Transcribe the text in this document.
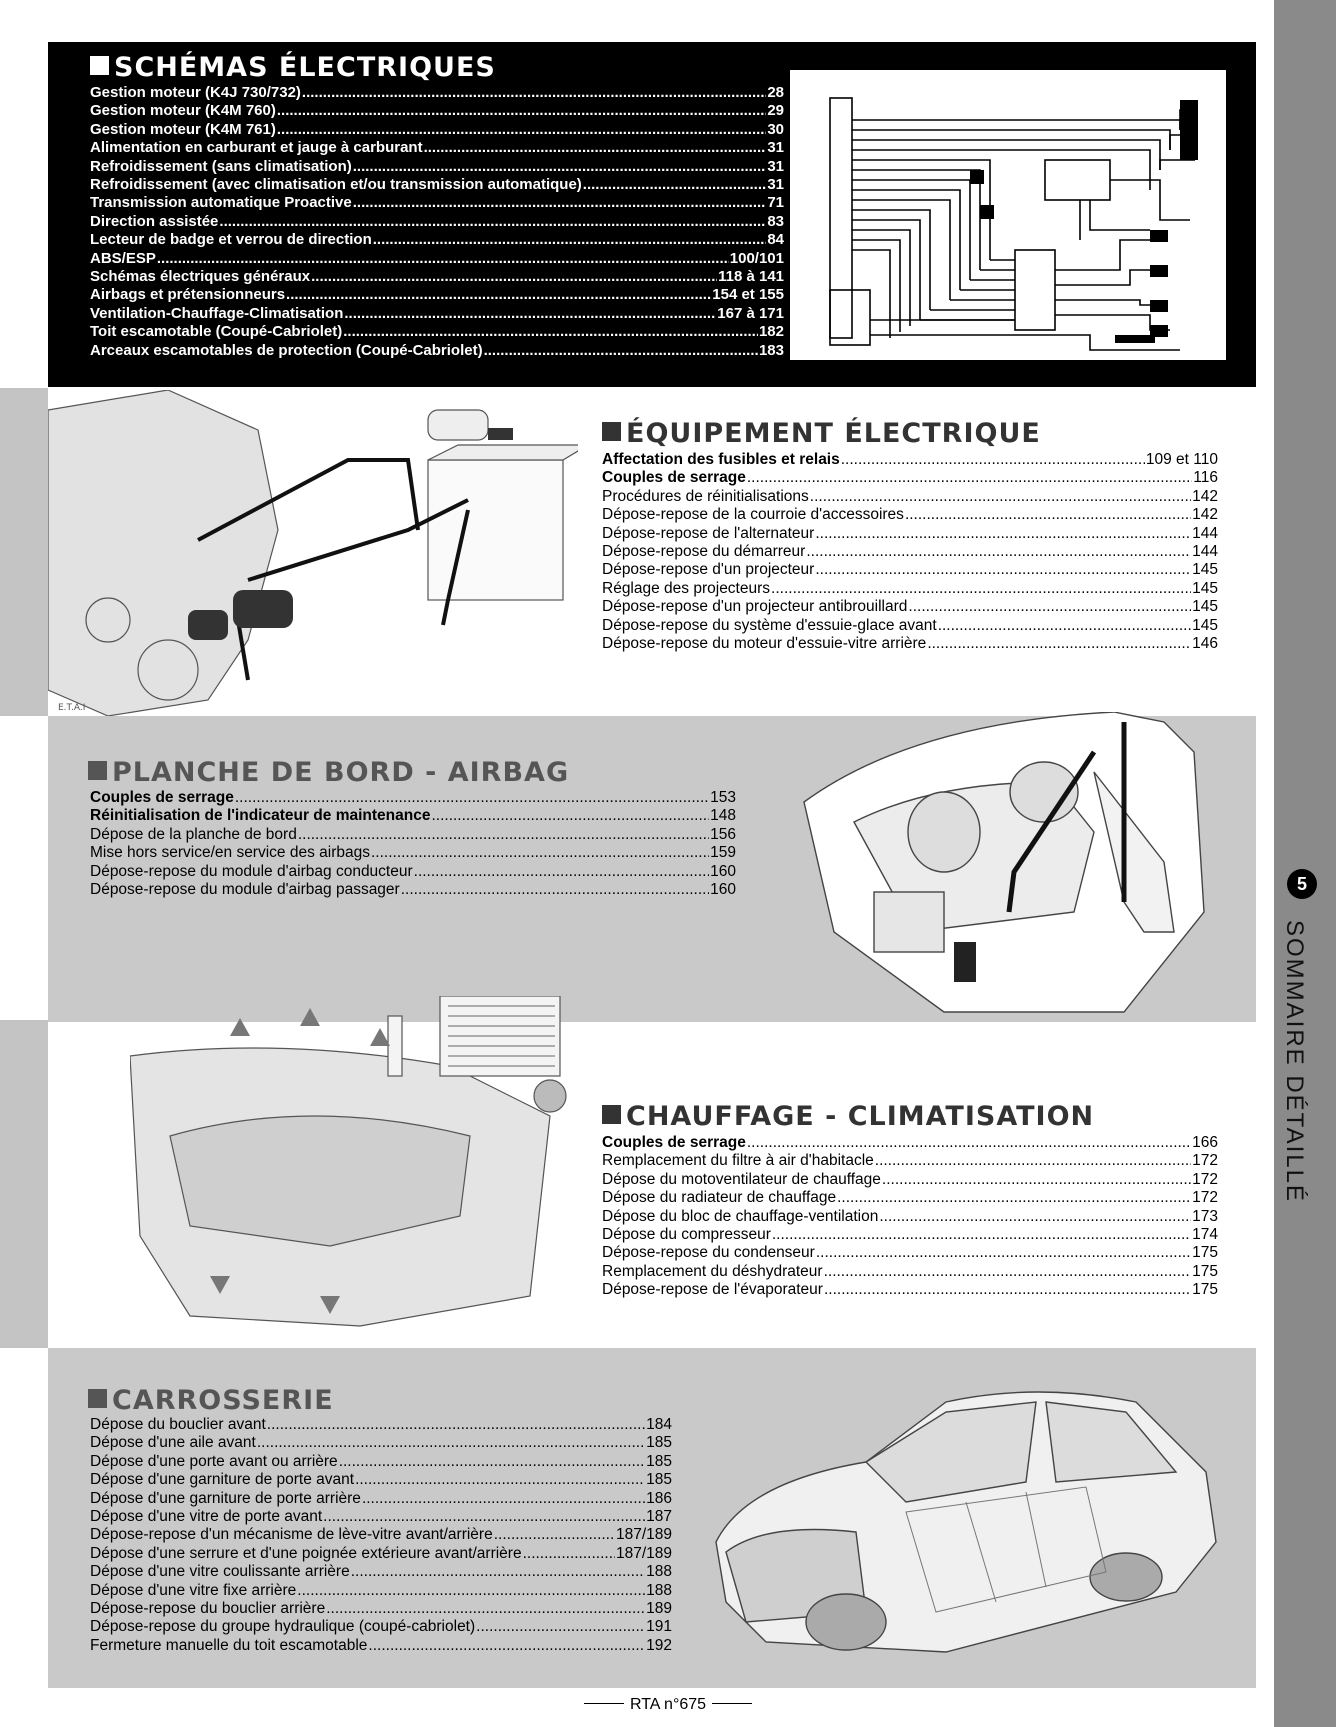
5
SOMMAIRE DÉTAILLÉ
SCHÉMAS ÉLECTRIQUES
Gestion moteur (K4J 730/732) .....	28
Gestion moteur (K4M 760) .....	29
Gestion moteur (K4M 761) .....	30
Alimentation en carburant et jauge à carburant .....	31
Refroidissement (sans climatisation) .....	31
Refroidissement (avec climatisation et/ou transmission automatique) .....	31
Transmission automatique Proactive .....	71
Direction assistée .....	83
Lecteur de badge et verrou de direction .....	84
ABS/ESP .....	100/101
Schémas électriques généraux .....	118 à 141
Airbags et prétensionneurs .....	154 et 155
Ventilation-Chauffage-Climatisation .....	167 à 171
Toit escamotable (Coupé-Cabriolet) .....	182
Arceaux escamotables de protection (Coupé-Cabriolet) .....	183
E.T.A.I
ÉQUIPEMENT ÉLECTRIQUE
Affectation des fusibles et relais .....	109 et 110
Couples de serrage .....	116
Procédures de réinitialisations .....	142
Dépose-repose de la courroie d'accessoires .....	142
Dépose-repose de l'alternateur .....	144
Dépose-repose du démarreur .....	144
Dépose-repose d'un projecteur .....	145
Réglage des projecteurs .....	145
Dépose-repose d'un projecteur antibrouillard .....	145
Dépose-repose du système d'essuie-glace avant .....	145
Dépose-repose du moteur d'essuie-vitre arrière .....	146
PLANCHE DE BORD - AIRBAG
Couples de serrage .....	153
Réinitialisation de l'indicateur de maintenance .....	148
Dépose de la planche de bord .....	156
Mise hors service/en service des airbags .....	159
Dépose-repose du module d'airbag conducteur .....	160
Dépose-repose du module d'airbag passager .....	160
CHAUFFAGE - CLIMATISATION
Couples de serrage .....	166
Remplacement du filtre à air d'habitacle .....	172
Dépose du motoventilateur de chauffage .....	172
Dépose du radiateur de chauffage .....	172
Dépose du bloc de chauffage-ventilation .....	173
Dépose du compresseur .....	174
Dépose-repose du condenseur .....	175
Remplacement du déshydrateur .....	175
Dépose-repose de l'évaporateur .....	175
CARROSSERIE
Dépose du bouclier avant .....	184
Dépose d'une aile avant .....	185
Dépose d'une porte avant ou arrière .....	185
Dépose d'une garniture de porte avant .....	185
Dépose d'une garniture de porte arrière .....	186
Dépose d'une vitre de porte avant .....	187
Dépose-repose d'un mécanisme de lève-vitre avant/arrière .....	187/189
Dépose d'une serrure et d'une poignée extérieure avant/arrière .....	187/189
Dépose d'une vitre coulissante arrière .....	188
Dépose d'une vitre fixe arrière .....	188
Dépose-repose du bouclier arrière .....	189
Dépose-repose du groupe hydraulique (coupé-cabriolet) .....	191
Fermeture manuelle du toit escamotable .....	192
RTA n°675
